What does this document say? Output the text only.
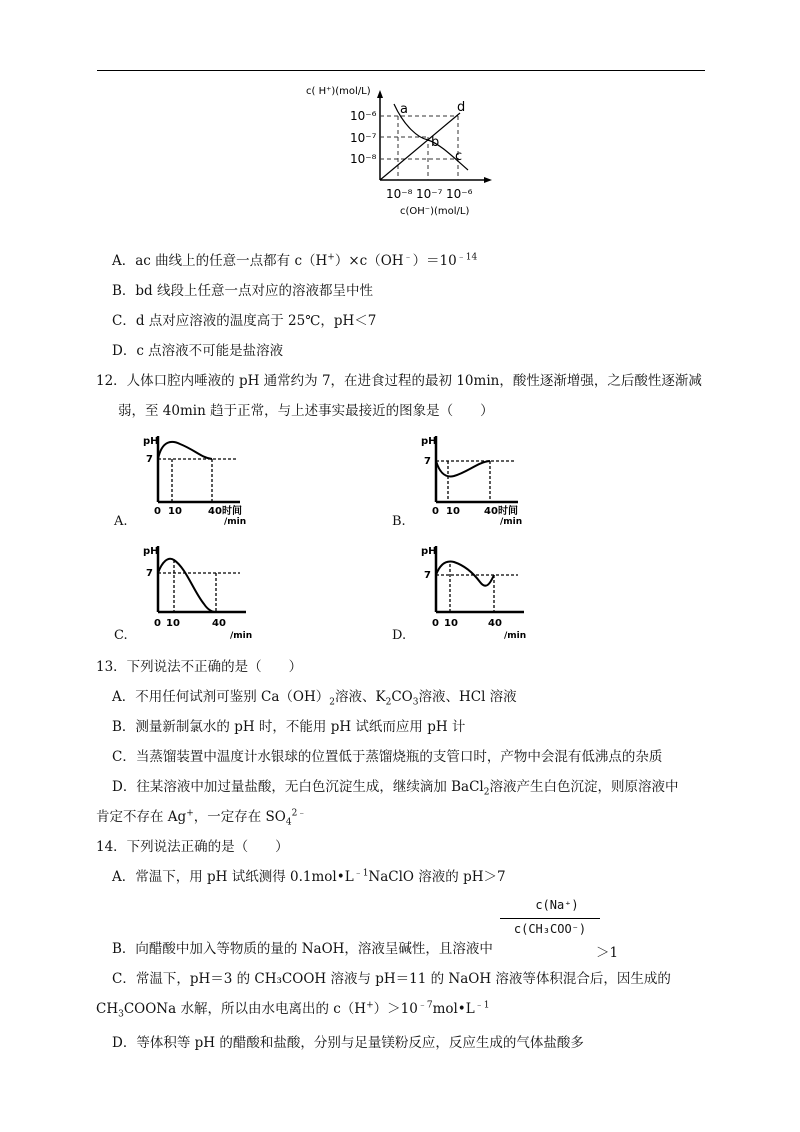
c( H⁺)(mol/L)
10⁻⁶
10⁻⁷
10⁻⁸
10⁻⁸ 10⁻⁷ 10⁻⁶
c(OH⁻)(mol/L)
a
b
c
d
A．ac 曲线上的任意一点都有 $c(H^+)\times c(OH^﹣)=10^{﹣14}$
B．bd 线段上任意一点对应的溶液都呈中性
C．d 点对应溶液的温度高于 25℃，pH＜7
D．c 点溶液不可能是盐溶液
12．人体口腔内唾液的 pH 通常约为 7，在进食过程的最初 10min，酸性逐渐增强，之后酸性逐渐减
弱，至 40min 趋于正常，与上述事实最接近的图象是（　　）
pH
7
0 10	40 时间
/min
A.
pH
7
0 10 40 时间
/min
B.
pH
7
0 10	40
/min
C.
pH
7
0 10	40
/min
D.
13．下列说法不正确的是（　　）
A．不用任何试剂可鉴别 $Ca(OH)_2$溶液、$K_2CO_3$溶液、HCl 溶液
B．测量新制氯水的 pH 时，不能用 pH 试纸而应用 pH 计
C．当蒸馏装置中温度计水银球的位置低于蒸馏烧瓶的支管口时，产物中会混有低沸点的杂质
D．往某溶液中加过量盐酸，无白色沉淀生成，继续滴加 BaCl$_2$溶液产生白色沉淀，则原溶液中
肯定不存在 Ag+，一定存在 $SO_4^{2﹣}$
14．下列说法正确的是（　　）
A．常温下，用 pH 试纸测得 $0.1mol•L^{﹣1}NaClO$ 溶液的 pH＞7
c(Na⁺)
c(CH₃COO⁻)
B．向醋酸中加入等物质的量的 NaOH，溶液呈碱性，且溶液中	＞1
C．常温下，pH＝3 的 CH₃COOH 溶液与 pH＝11 的 NaOH 溶液等体积混合后，因生成的
$CH_3COONa$ 水解，所以由水电离出的 $c(H^+)>10^{﹣7}mol•L^{﹣1}$
D．等体积等 pH 的醋酸和盐酸，分别与足量镁粉反应，反应生成的气体盐酸多
